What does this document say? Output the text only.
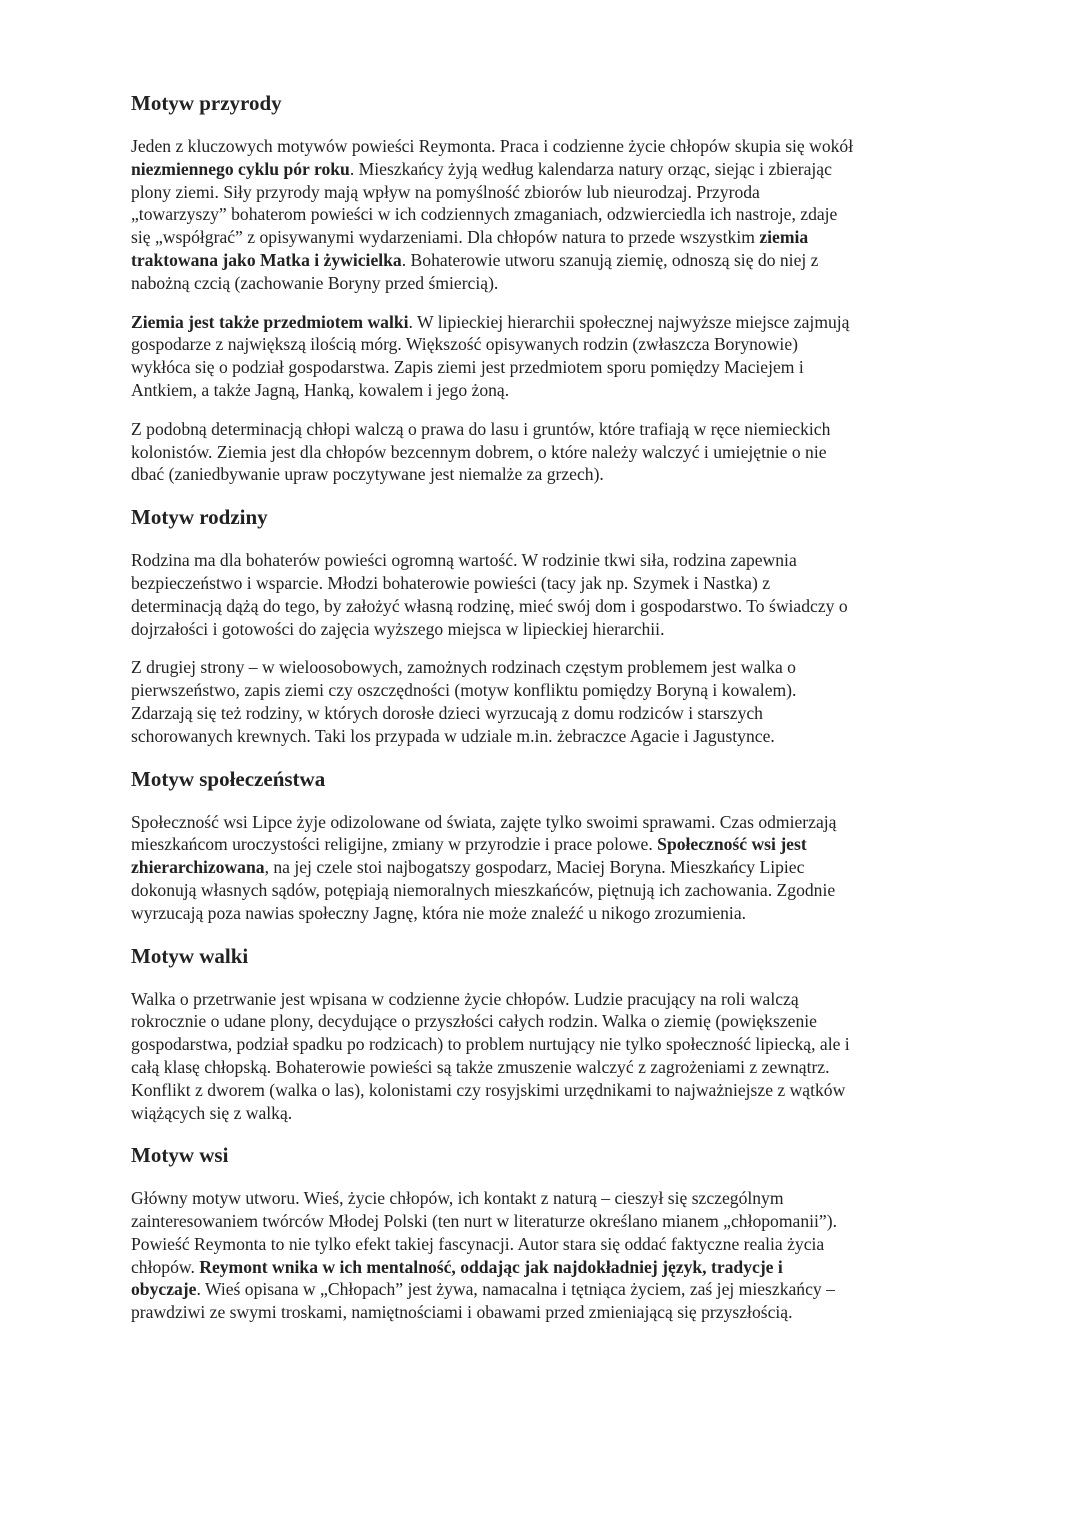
Motyw przyrody
Jeden z kluczowych motywów powieści Reymonta. Praca i codzienne życie chłopów skupia się wokół
niezmiennego cyklu pór roku. Mieszkańcy żyją według kalendarza natury orząc, siejąc i zbierając
plony ziemi. Siły przyrody mają wpływ na pomyślność zbiorów lub nieurodzaj. Przyroda
„towarzyszy” bohaterom powieści w ich codziennych zmaganiach, odzwierciedla ich nastroje, zdaje
się „współgrać” z opisywanymi wydarzeniami. Dla chłopów natura to przede wszystkim ziemia
traktowana jako Matka i żywicielka. Bohaterowie utworu szanują ziemię, odnoszą się do niej z
nabożną czcią (zachowanie Boryny przed śmiercią).
Ziemia jest także przedmiotem walki. W lipieckiej hierarchii społecznej najwyższe miejsce zajmują
gospodarze z największą ilością mórg. Większość opisywanych rodzin (zwłaszcza Borynowie)
wykłóca się o podział gospodarstwa. Zapis ziemi jest przedmiotem sporu pomiędzy Maciejem i
Antkiem, a także Jagną, Hanką, kowalem i jego żoną.
Z podobną determinacją chłopi walczą o prawa do lasu i gruntów, które trafiają w ręce niemieckich
kolonistów. Ziemia jest dla chłopów bezcennym dobrem, o które należy walczyć i umiejętnie o nie
dbać (zaniedbywanie upraw poczytywane jest niemalże za grzech).
Motyw rodziny
Rodzina ma dla bohaterów powieści ogromną wartość. W rodzinie tkwi siła, rodzina zapewnia
bezpieczeństwo i wsparcie. Młodzi bohaterowie powieści (tacy jak np. Szymek i Nastka) z
determinacją dążą do tego, by założyć własną rodzinę, mieć swój dom i gospodarstwo. To świadczy o
dojrzałości i gotowości do zajęcia wyższego miejsca w lipieckiej hierarchii.
Z drugiej strony – w wieloosobowych, zamożnych rodzinach częstym problemem jest walka o
pierwszeństwo, zapis ziemi czy oszczędności (motyw konfliktu pomiędzy Boryną i kowalem).
Zdarzają się też rodziny, w których dorosłe dzieci wyrzucają z domu rodziców i starszych
schorowanych krewnych. Taki los przypada w udziale m.in. żebraczce Agacie i Jagustynce.
Motyw społeczeństwa
Społeczność wsi Lipce żyje odizolowane od świata, zajęte tylko swoimi sprawami. Czas odmierzają
mieszkańcom uroczystości religijne, zmiany w przyrodzie i prace polowe. Społeczność wsi jest
zhierarchizowana, na jej czele stoi najbogatszy gospodarz, Maciej Boryna. Mieszkańcy Lipiec
dokonują własnych sądów, potępiają niemoralnych mieszkańców, piętnują ich zachowania. Zgodnie
wyrzucają poza nawias społeczny Jagnę, która nie może znaleźć u nikogo zrozumienia.
Motyw walki
Walka o przetrwanie jest wpisana w codzienne życie chłopów. Ludzie pracujący na roli walczą
rokrocznie o udane plony, decydujące o przyszłości całych rodzin. Walka o ziemię (powiększenie
gospodarstwa, podział spadku po rodzicach) to problem nurtujący nie tylko społeczność lipiecką, ale i
całą klasę chłopską. Bohaterowie powieści są także zmuszenie walczyć z zagrożeniami z zewnątrz.
Konflikt z dworem (walka o las), kolonistami czy rosyjskimi urzędnikami to najważniejsze z wątków
wiążących się z walką.
Motyw wsi
Główny motyw utworu. Wieś, życie chłopów, ich kontakt z naturą – cieszył się szczególnym
zainteresowaniem twórców Młodej Polski (ten nurt w literaturze określano mianem „chłopomanii”).
Powieść Reymonta to nie tylko efekt takiej fascynacji. Autor stara się oddać faktyczne realia życia
chłopów. Reymont wnika w ich mentalność, oddając jak najdokładniej język, tradycje i
obyczaje. Wieś opisana w „Chłopach” jest żywa, namacalna i tętniąca życiem, zaś jej mieszkańcy –
prawdziwi ze swymi troskami, namiętnościami i obawami przed zmieniającą się przyszłością.
